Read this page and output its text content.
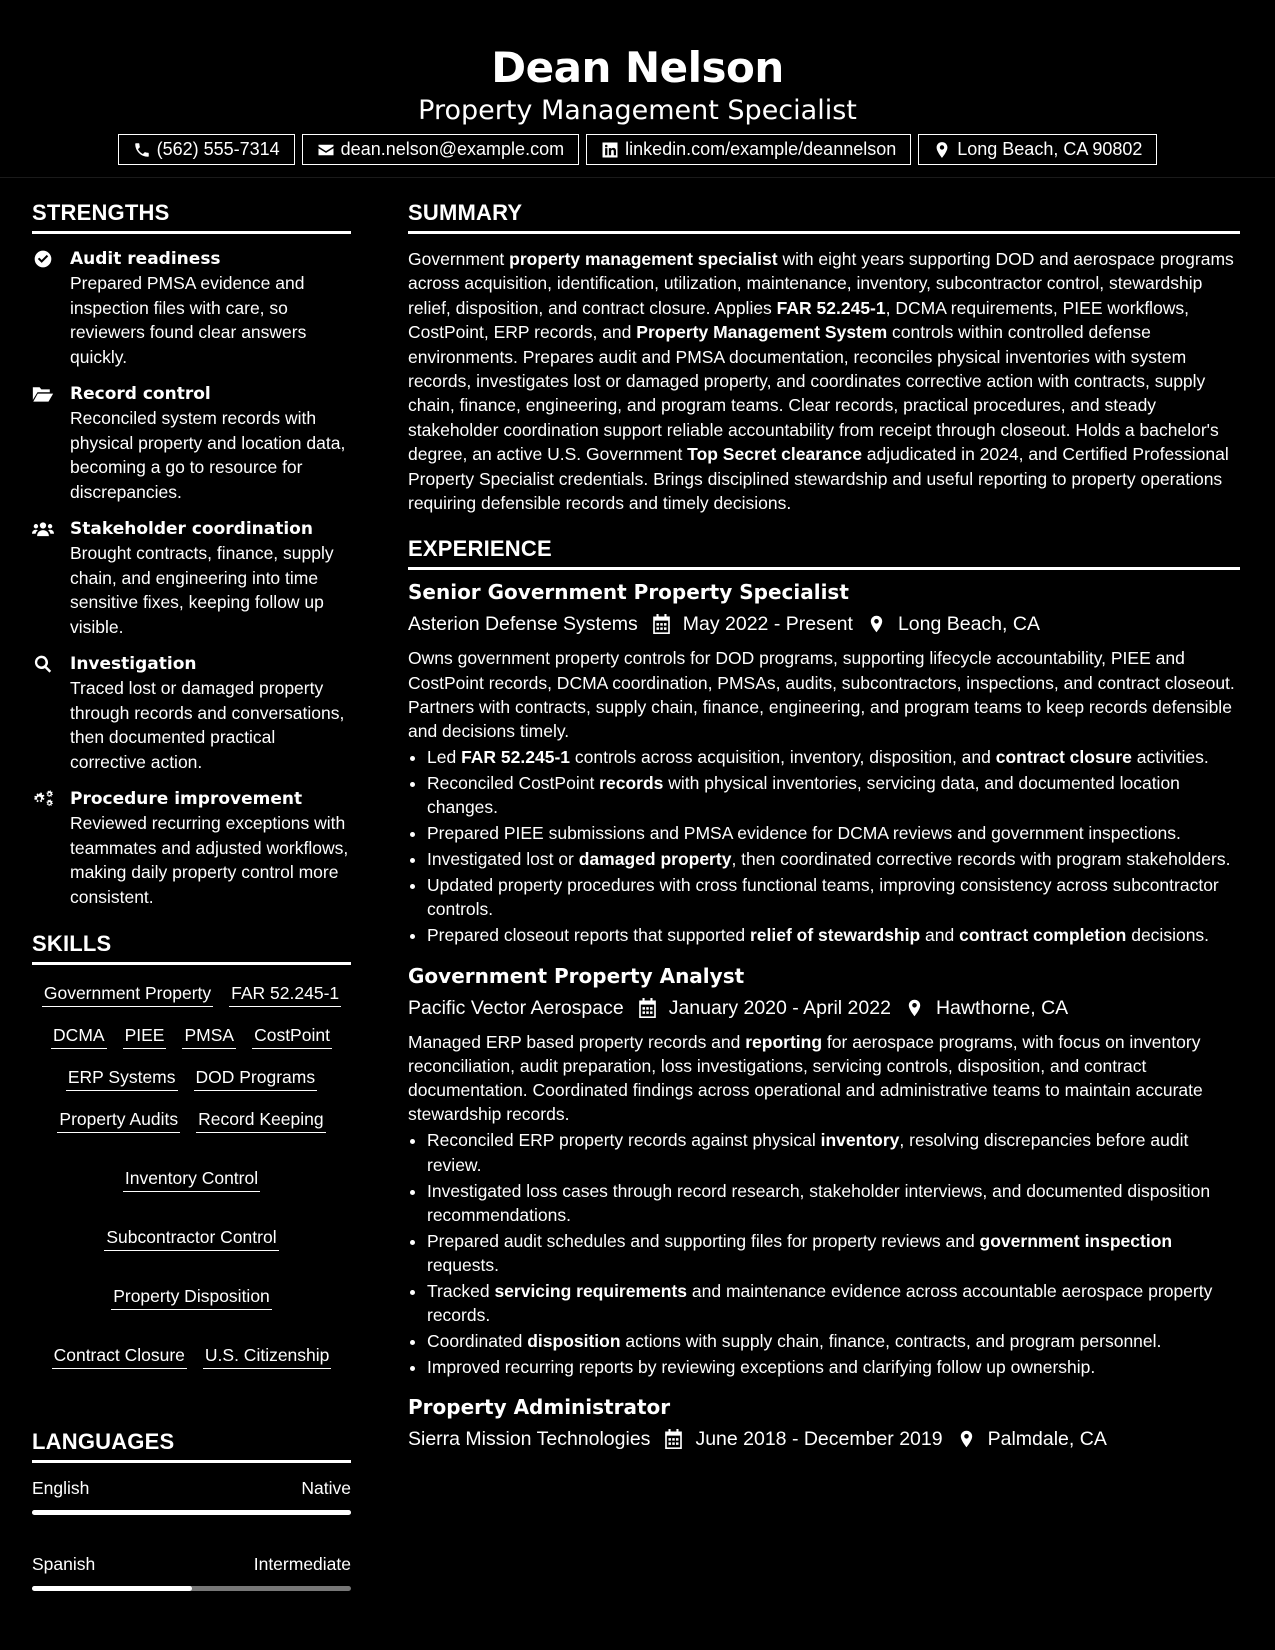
Dean Nelson
Property Management Specialist
(562) 555-7314	dean.nelson@example.com	linkedin.com/example/deannelson	Long Beach, CA 90802
STRENGTHS
Audit readiness
Prepared PMSA evidence and inspection files with care, so reviewers found clear answers quickly.
Record control
Reconciled system records with physical property and location data, becoming a go to resource for discrepancies.
Stakeholder coordination
Brought contracts, finance, supply chain, and engineering into time sensitive fixes, keeping follow up visible.
Investigation
Traced lost or damaged property through records and conversations, then documented practical corrective action.
Procedure improvement
Reviewed recurring exceptions with teammates and adjusted workflows, making daily property control more consistent.
SKILLS
Government Property FAR 52.245-1
DCMA PIEE PMSA CostPoint
ERP Systems DOD Programs
Property Audits Record Keeping
Inventory Control
Subcontractor Control
Property Disposition
Contract Closure U.S. Citizenship
LANGUAGES
English	Native
Spanish	Intermediate
SUMMARY
Government property management specialist with eight years supporting DOD and aerospace programs across acquisition, identification, utilization, maintenance, inventory, subcontractor control, stewardship relief, disposition, and contract closure. Applies FAR 52.245-1, DCMA requirements, PIEE workflows, CostPoint, ERP records, and Property Management System controls within controlled defense environments. Prepares audit and PMSA documentation, reconciles physical inventories with system records, investigates lost or damaged property, and coordinates corrective action with contracts, supply chain, finance, engineering, and program teams. Clear records, practical procedures, and steady stakeholder coordination support reliable accountability from receipt through closeout. Holds a bachelor's degree, an active U.S. Government Top Secret clearance adjudicated in 2024, and Certified Professional Property Specialist credentials. Brings disciplined stewardship and useful reporting to property operations requiring defensible records and timely decisions.
EXPERIENCE
Senior Government Property Specialist
Asterion Defense Systems May 2022 - Present Long Beach, CA
Owns government property controls for DOD programs, supporting lifecycle accountability, PIEE and CostPoint records, DCMA coordination, PMSAs, audits, subcontractors, inspections, and contract closeout. Partners with contracts, supply chain, finance, engineering, and program teams to keep records defensible and decisions timely.
• Led FAR 52.245-1 controls across acquisition, inventory, disposition, and contract closure activities.
• Reconciled CostPoint records with physical inventories, servicing data, and documented location changes.
• Prepared PIEE submissions and PMSA evidence for DCMA reviews and government inspections.
• Investigated lost or damaged property, then coordinated corrective records with program stakeholders.
• Updated property procedures with cross functional teams, improving consistency across subcontractor controls.
• Prepared closeout reports that supported relief of stewardship and contract completion decisions.
Government Property Analyst
Pacific Vector Aerospace January 2020 - April 2022 Hawthorne, CA
Managed ERP based property records and reporting for aerospace programs, with focus on inventory reconciliation, audit preparation, loss investigations, servicing controls, disposition, and contract documentation. Coordinated findings across operational and administrative teams to maintain accurate stewardship records.
• Reconciled ERP property records against physical inventory, resolving discrepancies before audit review.
• Investigated loss cases through record research, stakeholder interviews, and documented disposition recommendations.
• Prepared audit schedules and supporting files for property reviews and government inspection requests.
• Tracked servicing requirements and maintenance evidence across accountable aerospace property records.
• Coordinated disposition actions with supply chain, finance, contracts, and program personnel.
• Improved recurring reports by reviewing exceptions and clarifying follow up ownership.
Property Administrator
Sierra Mission Technologies June 2018 - December 2019 Palmdale, CA
